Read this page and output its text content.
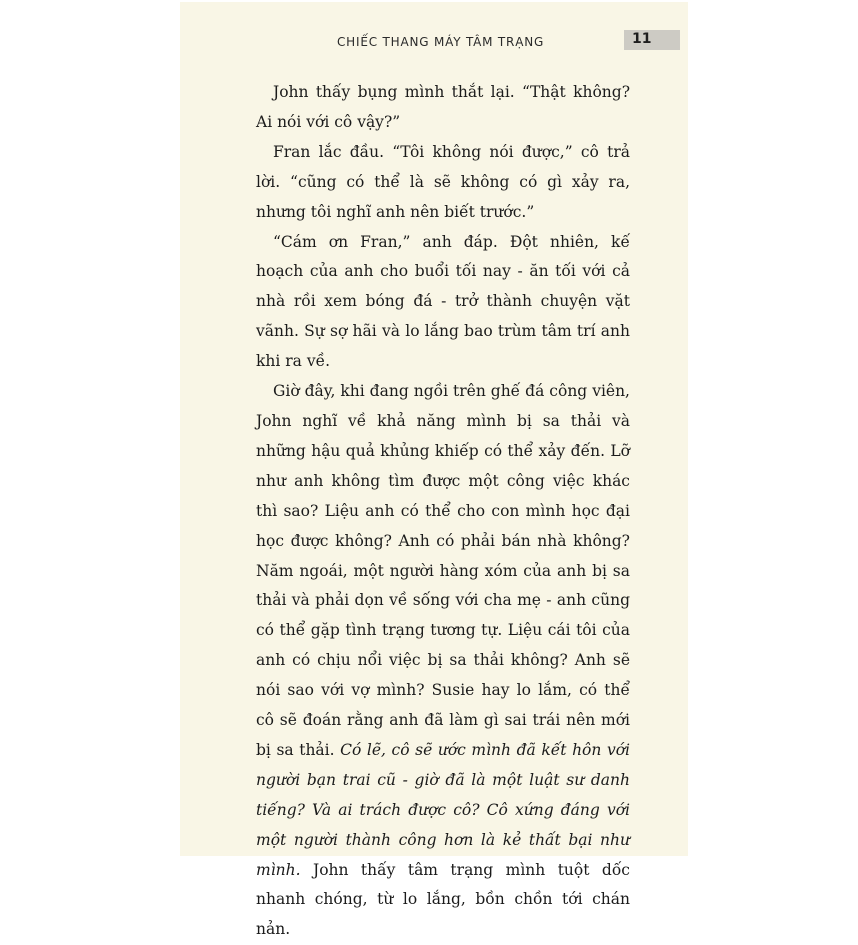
CHIẾC THANG MÁY TÂM TRẠNG	11

John thấy bụng mình thắt lại. “Thật không? Ai nói với cô vậy?”

Fran lắc đầu. “Tôi không nói được,” cô trả lời. “cũng có thể là sẽ không có gì xảy ra, nhưng tôi nghĩ anh nên biết trước.”

“Cám ơn Fran,” anh đáp. Đột nhiên, kế hoạch của anh cho buổi tối nay - ăn tối với cả nhà rồi xem bóng đá - trở thành chuyện vặt vãnh. Sự sợ hãi và lo lắng bao trùm tâm trí anh khi ra về.

Giờ đây, khi đang ngồi trên ghế đá công viên, John nghĩ về khả năng mình bị sa thải và những hậu quả khủng khiếp có thể xảy đến. Lỡ như anh không tìm được một công việc khác thì sao? Liệu anh có thể cho con mình học đại học được không? Anh có phải bán nhà không? Năm ngoái, một người hàng xóm của anh bị sa thải và phải dọn về sống với cha mẹ - anh cũng có thể gặp tình trạng tương tự. Liệu cái tôi của anh có chịu nổi việc bị sa thải không? Anh sẽ nói sao với vợ mình? Susie hay lo lắm, có thể cô sẽ đoán rằng anh đã làm gì sai trái nên mới bị sa thải. Có lẽ, cô sẽ ước mình đã kết hôn với người bạn trai cũ - giờ đã là một luật sư danh tiếng? Và ai trách được cô? Cô xứng đáng với một người thành công hơn là kẻ thất bại như mình. John thấy tâm trạng mình tuột dốc nhanh chóng, từ lo lắng, bồn chồn tới chán nản.
